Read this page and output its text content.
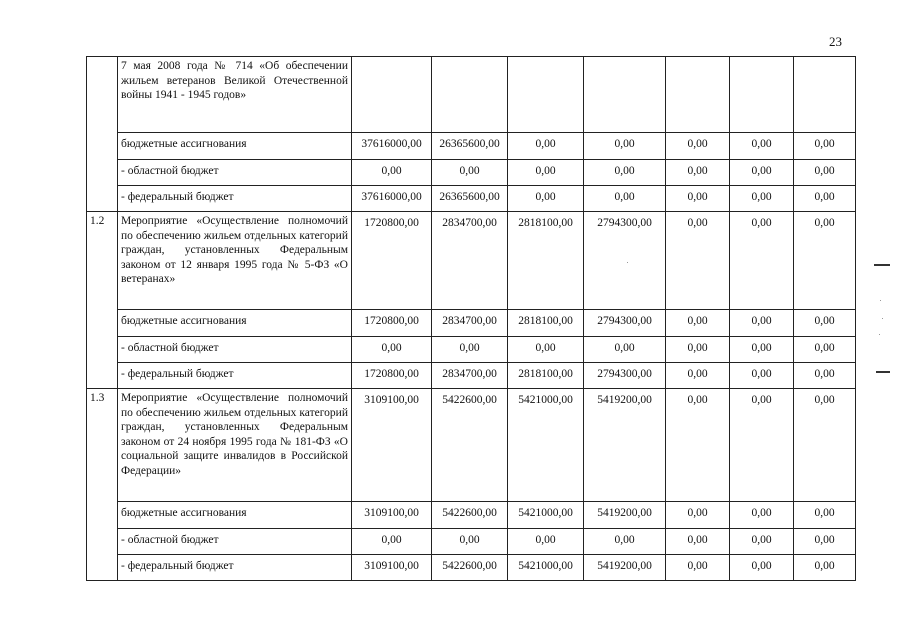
23
	7 мая 2008 года № 714 «Об обеспечении жильем ветеранов Великой Отечественной войны 1941 - 1945 годов»							
	бюджетные ассигнования	37616000,00	26365600,00	0,00	0,00	0,00	0,00	0,00
	- областной бюджет	0,00	0,00	0,00	0,00	0,00	0,00	0,00
	- федеральный бюджет	37616000,00	26365600,00	0,00	0,00	0,00	0,00	0,00
1.2	Мероприятие «Осуществление полномочий по обеспечению жильем отдельных категорий граждан, установленных Федеральным законом от 12 января 1995 года № 5-ФЗ «О ветеранах»	1720800,00	2834700,00	2818100,00	2794300,00	0,00	0,00	0,00
	бюджетные ассигнования	1720800,00	2834700,00	2818100,00	2794300,00	0,00	0,00	0,00
	- областной бюджет	0,00	0,00	0,00	0,00	0,00	0,00	0,00
	- федеральный бюджет	1720800,00	2834700,00	2818100,00	2794300,00	0,00	0,00	0,00
1.3	Мероприятие «Осуществление полномочий по обеспечению жильем отдельных категорий граждан, установленных Федеральным законом от 24 ноября 1995 года № 181-ФЗ «О социальной защите инвалидов в Российской Федерации»	3109100,00	5422600,00	5421000,00	5419200,00	0,00	0,00	0,00
	бюджетные ассигнования	3109100,00	5422600,00	5421000,00	5419200,00	0,00	0,00	0,00
	- областной бюджет	0,00	0,00	0,00	0,00	0,00	0,00	0,00
	- федеральный бюджет	3109100,00	5422600,00	5421000,00	5419200,00	0,00	0,00	0,00
